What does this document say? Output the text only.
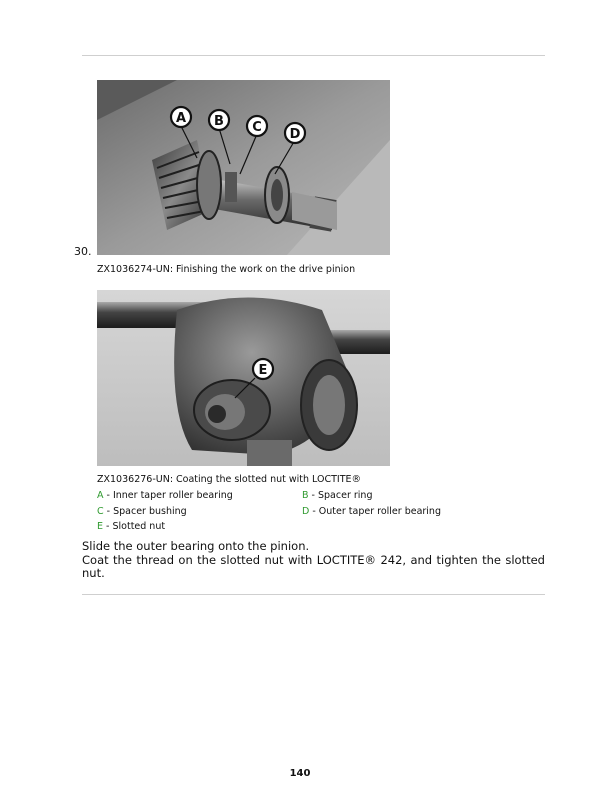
30.
A B C D
ZX1036274-UN: Finishing the work on the drive pinion
E
ZX1036276-UN: Coating the slotted nut with LOCTITE®
A - Inner taper roller bearing	B - Spacer ring
C - Spacer bushing	D - Outer taper roller bearing
E - Slotted nut

Slide the outer bearing onto the pinion.

Coat the thread on the slotted nut with LOCTITE® 242, and tighten the slotted nut.

140
